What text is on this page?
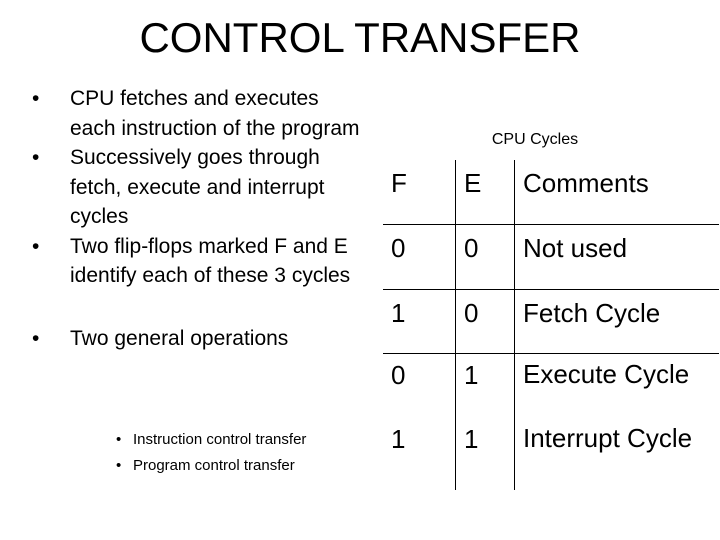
CONTROL TRANSFER
• CPU fetches and executes each instruction of the program
• Successively goes through fetch, execute and interrupt cycles
• Two flip-flops marked F and E identify each of these 3 cycles
• Two general operations
• Instruction control transfer
• Program control transfer
CPU Cycles
F	E	Comments
0	0	Not used
1	0	Fetch Cycle
0	1	Execute Cycle
1	1	Interrupt Cycle
